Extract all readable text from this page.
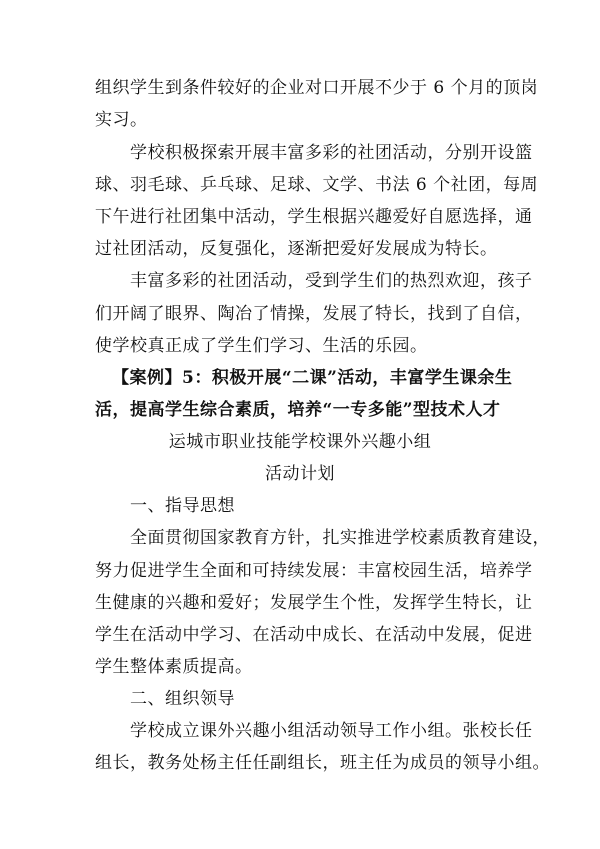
组织学生到条件较好的企业对口开展不少于 6 个月的顶岗
实习。
学校积极探索开展丰富多彩的社团活动，分别开设篮
球、羽毛球、乒乓球、足球、文学、书法 6 个社团，每周
下午进行社团集中活动，学生根据兴趣爱好自愿选择，通
过社团活动，反复强化，逐渐把爱好发展成为特长。
丰富多彩的社团活动，受到学生们的热烈欢迎，孩子
们开阔了眼界、陶冶了情操，发展了特长，找到了自信，
使学校真正成了学生们学习、生活的乐园。
【案例】5：积极开展“二课”活动，丰富学生课余生
活，提高学生综合素质，培养“一专多能”型技术人才
运城市职业技能学校课外兴趣小组
活动计划
一、指导思想
全面贯彻国家教育方针，扎实推进学校素质教育建设，
努力促进学生全面和可持续发展：丰富校园生活，培养学
生健康的兴趣和爱好；发展学生个性，发挥学生特长，让
学生在活动中学习、在活动中成长、在活动中发展，促进
学生整体素质提高。
二、组织领导
学校成立课外兴趣小组活动领导工作小组。张校长任
组长，教务处杨主任任副组长，班主任为成员的领导小组。
